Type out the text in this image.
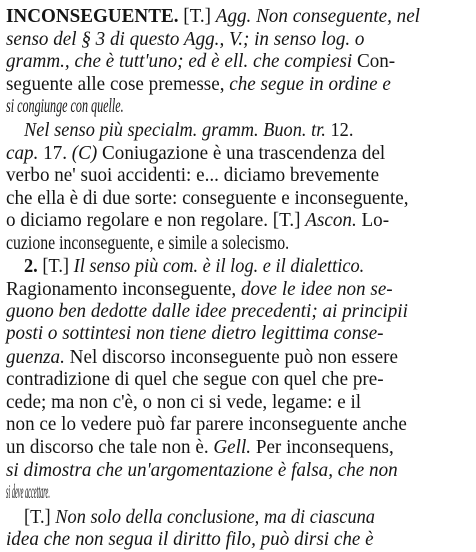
INCONSEGUENTE. [T.] Agg. Non conseguente, nel
senso del § 3 di questo Agg., V.; in senso log. o
gramm., che è tutt'uno; ed è ell. che compiesi Con-
seguente alle cose premesse, che segue in ordine e
si congiunge con quelle.
Nel senso più specialm. gramm. Buon. tr. 12.
cap. 17. (C) Coniugazione è una trascendenza del
verbo ne' suoi accidenti: e... diciamo brevemente
che ella è di due sorte: conseguente e inconseguente,
o diciamo regolare e non regolare. [T.] Ascon. Lo-
cuzione inconseguente, e simile a solecismo.
2. [T.] Il senso più com. è il log. e il dialettico.
Ragionamento inconseguente, dove le idee non se-
guono ben dedotte dalle idee precedenti; ai principii
posti o sottintesi non tiene dietro legittima conse-
guenza. Nel discorso inconseguente può non essere
contradizione di quel che segue con quel che pre-
cede; ma non c'è, o non ci si vede, legame: e il
non ce lo vedere può far parere inconseguente anche
un discorso che tale non è. Gell. Per inconsequens,
si dimostra che un'argomentazione è falsa, che non
si deve accettare.
[T.] Non solo della conclusione, ma di ciascuna
idea che non segua il diritto filo, può dirsi che è
